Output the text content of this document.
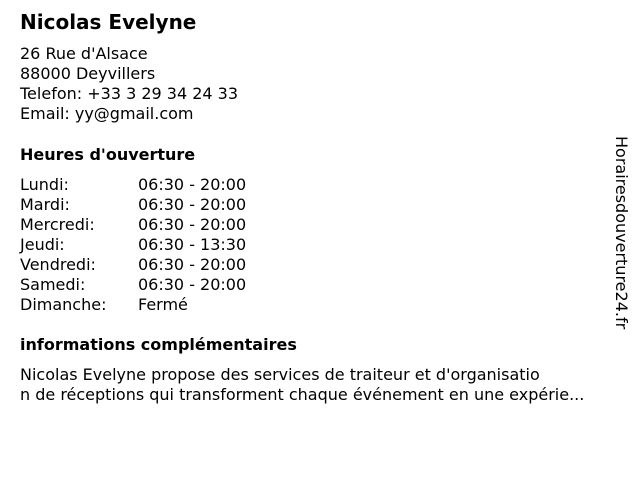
Nicolas Evelyne
26 Rue d'Alsace
88000 Deyvillers
Telefon: +33 3 29 34 24 33
Email: yy@gmail.com
Heures d'ouverture
Lundi:	06:30 - 20:00
Mardi:	06:30 - 20:00
Mercredi:	06:30 - 20:00
Jeudi:	06:30 - 13:30
Vendredi:	06:30 - 20:00
Samedi:	06:30 - 20:00
Dimanche: Fermé
informations complémentaires
Nicolas Evelyne propose des services de traiteur et d'organisatio
n de réceptions qui transforment chaque événement en une expérie...
Horairesdouverture24.fr
